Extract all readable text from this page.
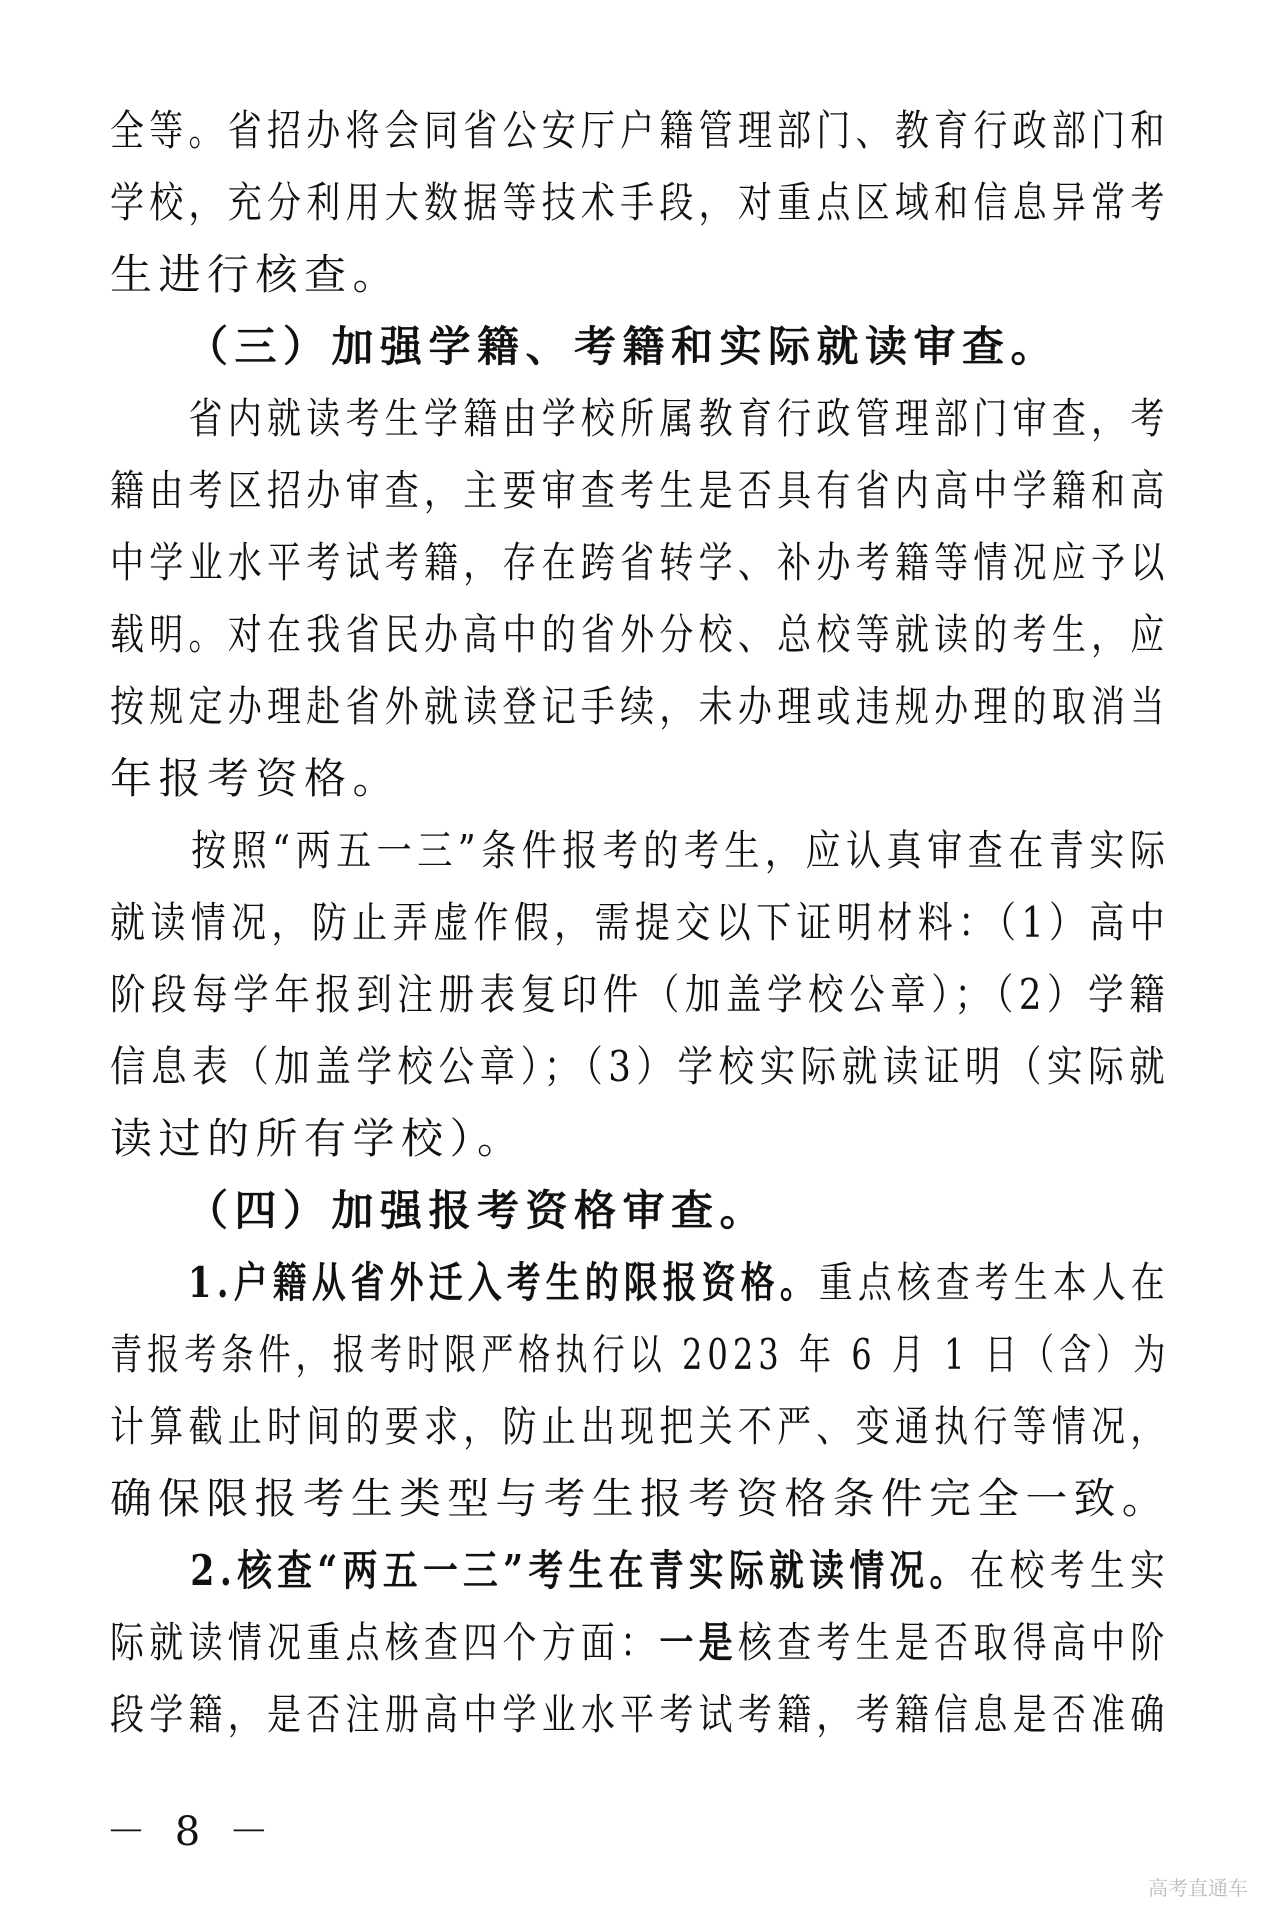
全等。省招办将会同省公安厅户籍管理部门、教育行政部门和
学校，充分利用大数据等技术手段，对重点区域和信息异常考
生进行核查。
　　（三）加强学籍、考籍和实际就读审查。
　　省内就读考生学籍由学校所属教育行政管理部门审查，考
籍由考区招办审查，主要审查考生是否具有省内高中学籍和高
中学业水平考试考籍，存在跨省转学、补办考籍等情况应予以
载明。对在我省民办高中的省外分校、总校等就读的考生，应
按规定办理赴省外就读登记手续，未办理或违规办理的取消当
年报考资格。
　　按照“两五一三”条件报考的考生，应认真审查在青实际
就读情况，防止弄虚作假，需提交以下证明材料：（1）高中
阶段每学年报到注册表复印件（加盖学校公章）；（2）学籍
信息表（加盖学校公章）；（3）学校实际就读证明（实际就
读过的所有学校）。
　　（四）加强报考资格审查。
　　1.户籍从省外迁入考生的限报资格。重点核查考生本人在
青报考条件，报考时限严格执行以 2023 年 6 月 1 日（含）为
计算截止时间的要求，防止出现把关不严、变通执行等情况，
确保限报考生类型与考生报考资格条件完全一致。
　　2.核查“两五一三”考生在青实际就读情况。在校考生实
际就读情况重点核查四个方面：一是核查考生是否取得高中阶
段学籍，是否注册高中学业水平考试考籍，考籍信息是否准确
－ 8 －
高考直通车
